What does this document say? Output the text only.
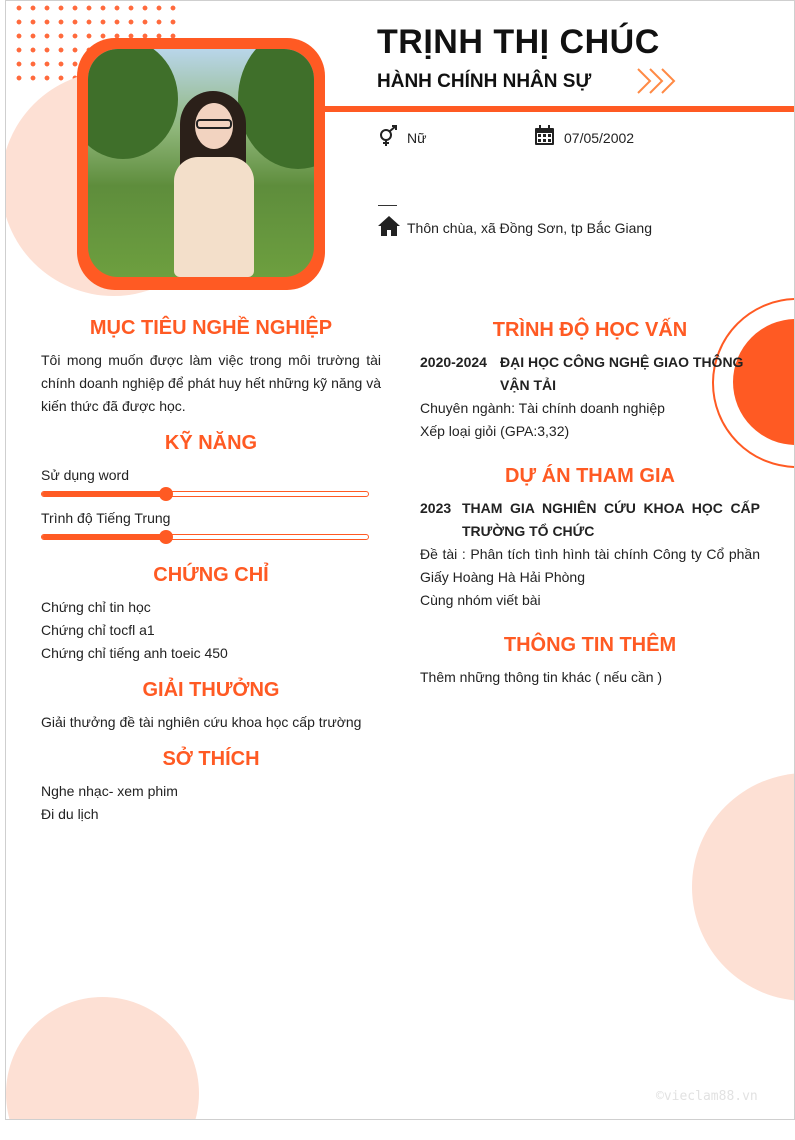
TRỊNH THỊ CHÚC
HÀNH CHÍNH NHÂN SỰ
Nữ	07/05/2002
Thôn chùa, xã Đồng Sơn, tp Bắc Giang
MỤC TIÊU NGHỀ NGHIỆP
Tôi mong muốn được làm việc trong môi trường tài chính doanh nghiệp để phát huy hết những kỹ năng và kiến thức đã được học.
KỸ NĂNG
Sử dụng word
Trình độ Tiếng Trung
CHỨNG CHỈ
Chứng chỉ tin học
Chứng chỉ tocfl a1
Chứng chỉ tiếng anh toeic 450
GIẢI THƯỞNG
Giải thưởng đề tài nghiên cứu khoa học cấp trường
SỞ THÍCH
Nghe nhạc- xem phim
Đi du lịch
TRÌNH ĐỘ HỌC VẤN
2020-2024 ĐẠI HỌC CÔNG NGHỆ GIAO THÔNG VẬN TẢI
Chuyên ngành: Tài chính doanh nghiệp
Xếp loại giỏi (GPA:3,32)
DỰ ÁN THAM GIA
2023 THAM GIA NGHIÊN CỨU KHOA HỌC CẤP TRƯỜNG TỔ CHỨC
Đề tài : Phân tích tình hình tài chính Công ty Cổ phần Giấy Hoàng Hà Hải Phòng
Cùng nhóm viết bài
THÔNG TIN THÊM
Thêm những thông tin khác ( nếu cần )
©vieclam88.vn
